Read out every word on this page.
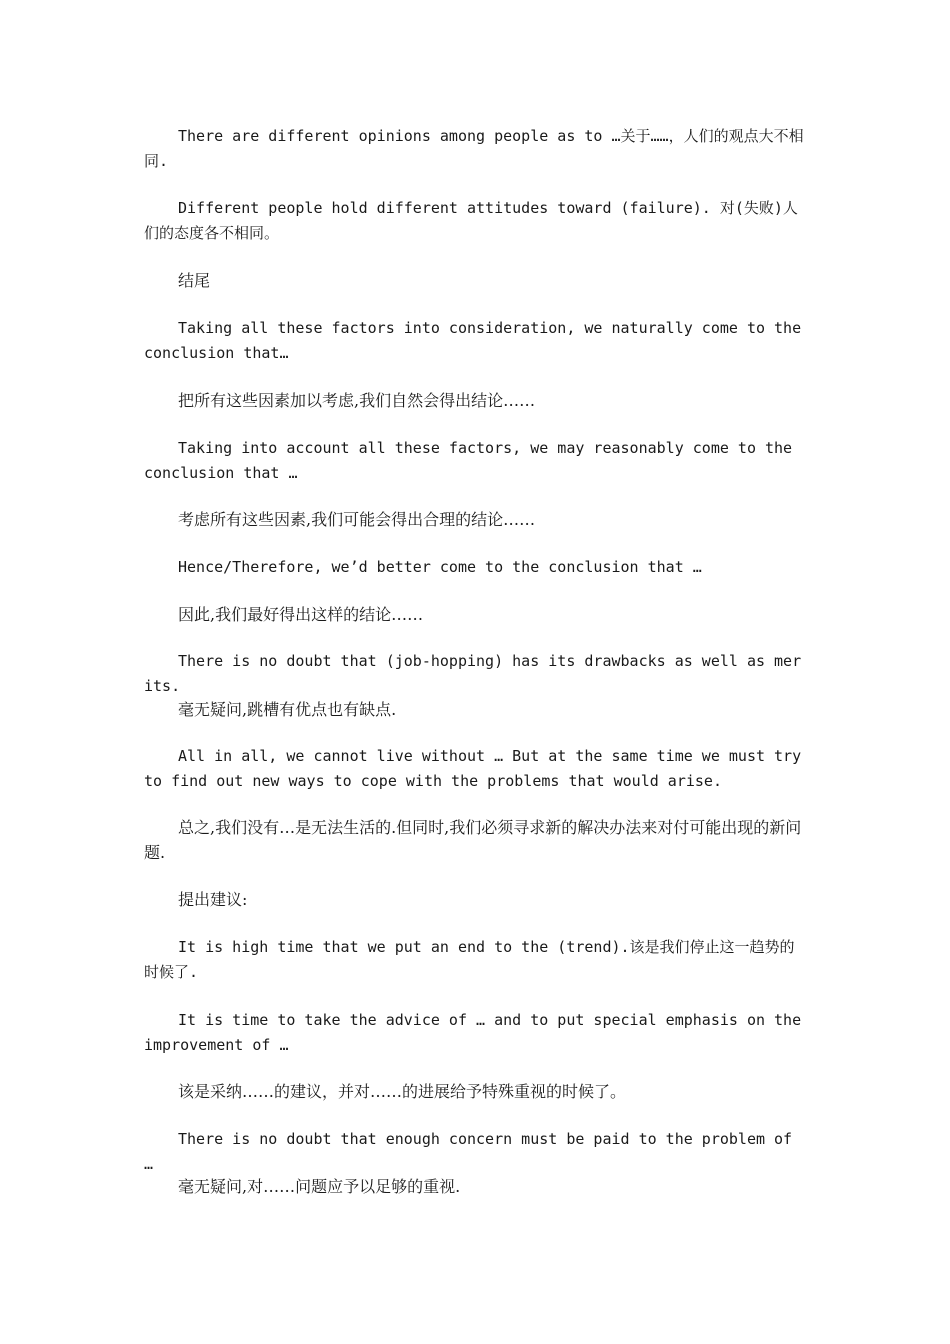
There are different opinions among people as to …关于……，人们的观点大不相同.

Different people hold different attitudes toward (failure). 对(失败)人们的态度各不相同。

结尾

Taking all these factors into consideration, we naturally come to the conclusion that…

把所有这些因素加以考虑,我们自然会得出结论……

Taking into account all these factors, we may reasonably come to the conclusion that …

考虑所有这些因素,我们可能会得出合理的结论……

Hence/Therefore, we’d better come to the conclusion that …

因此,我们最好得出这样的结论……

There is no doubt that (job-hopping) has its drawbacks as well as merits.

毫无疑问,跳槽有优点也有缺点.

All in all, we cannot live without … But at the same time we must try to find out new ways to cope with the problems that would arise.

总之,我们没有…是无法生活的.但同时,我们必须寻求新的解决办法来对付可能出现的新问题.

提出建议:

It is high time that we put an end to the (trend).该是我们停止这一趋势的时候了.

It is time to take the advice of … and to put special emphasis on the improvement of …

该是采纳……的建议，并对……的进展给予特殊重视的时候了。

There is no doubt that enough concern must be paid to the problem of …

毫无疑问,对……问题应予以足够的重视.
